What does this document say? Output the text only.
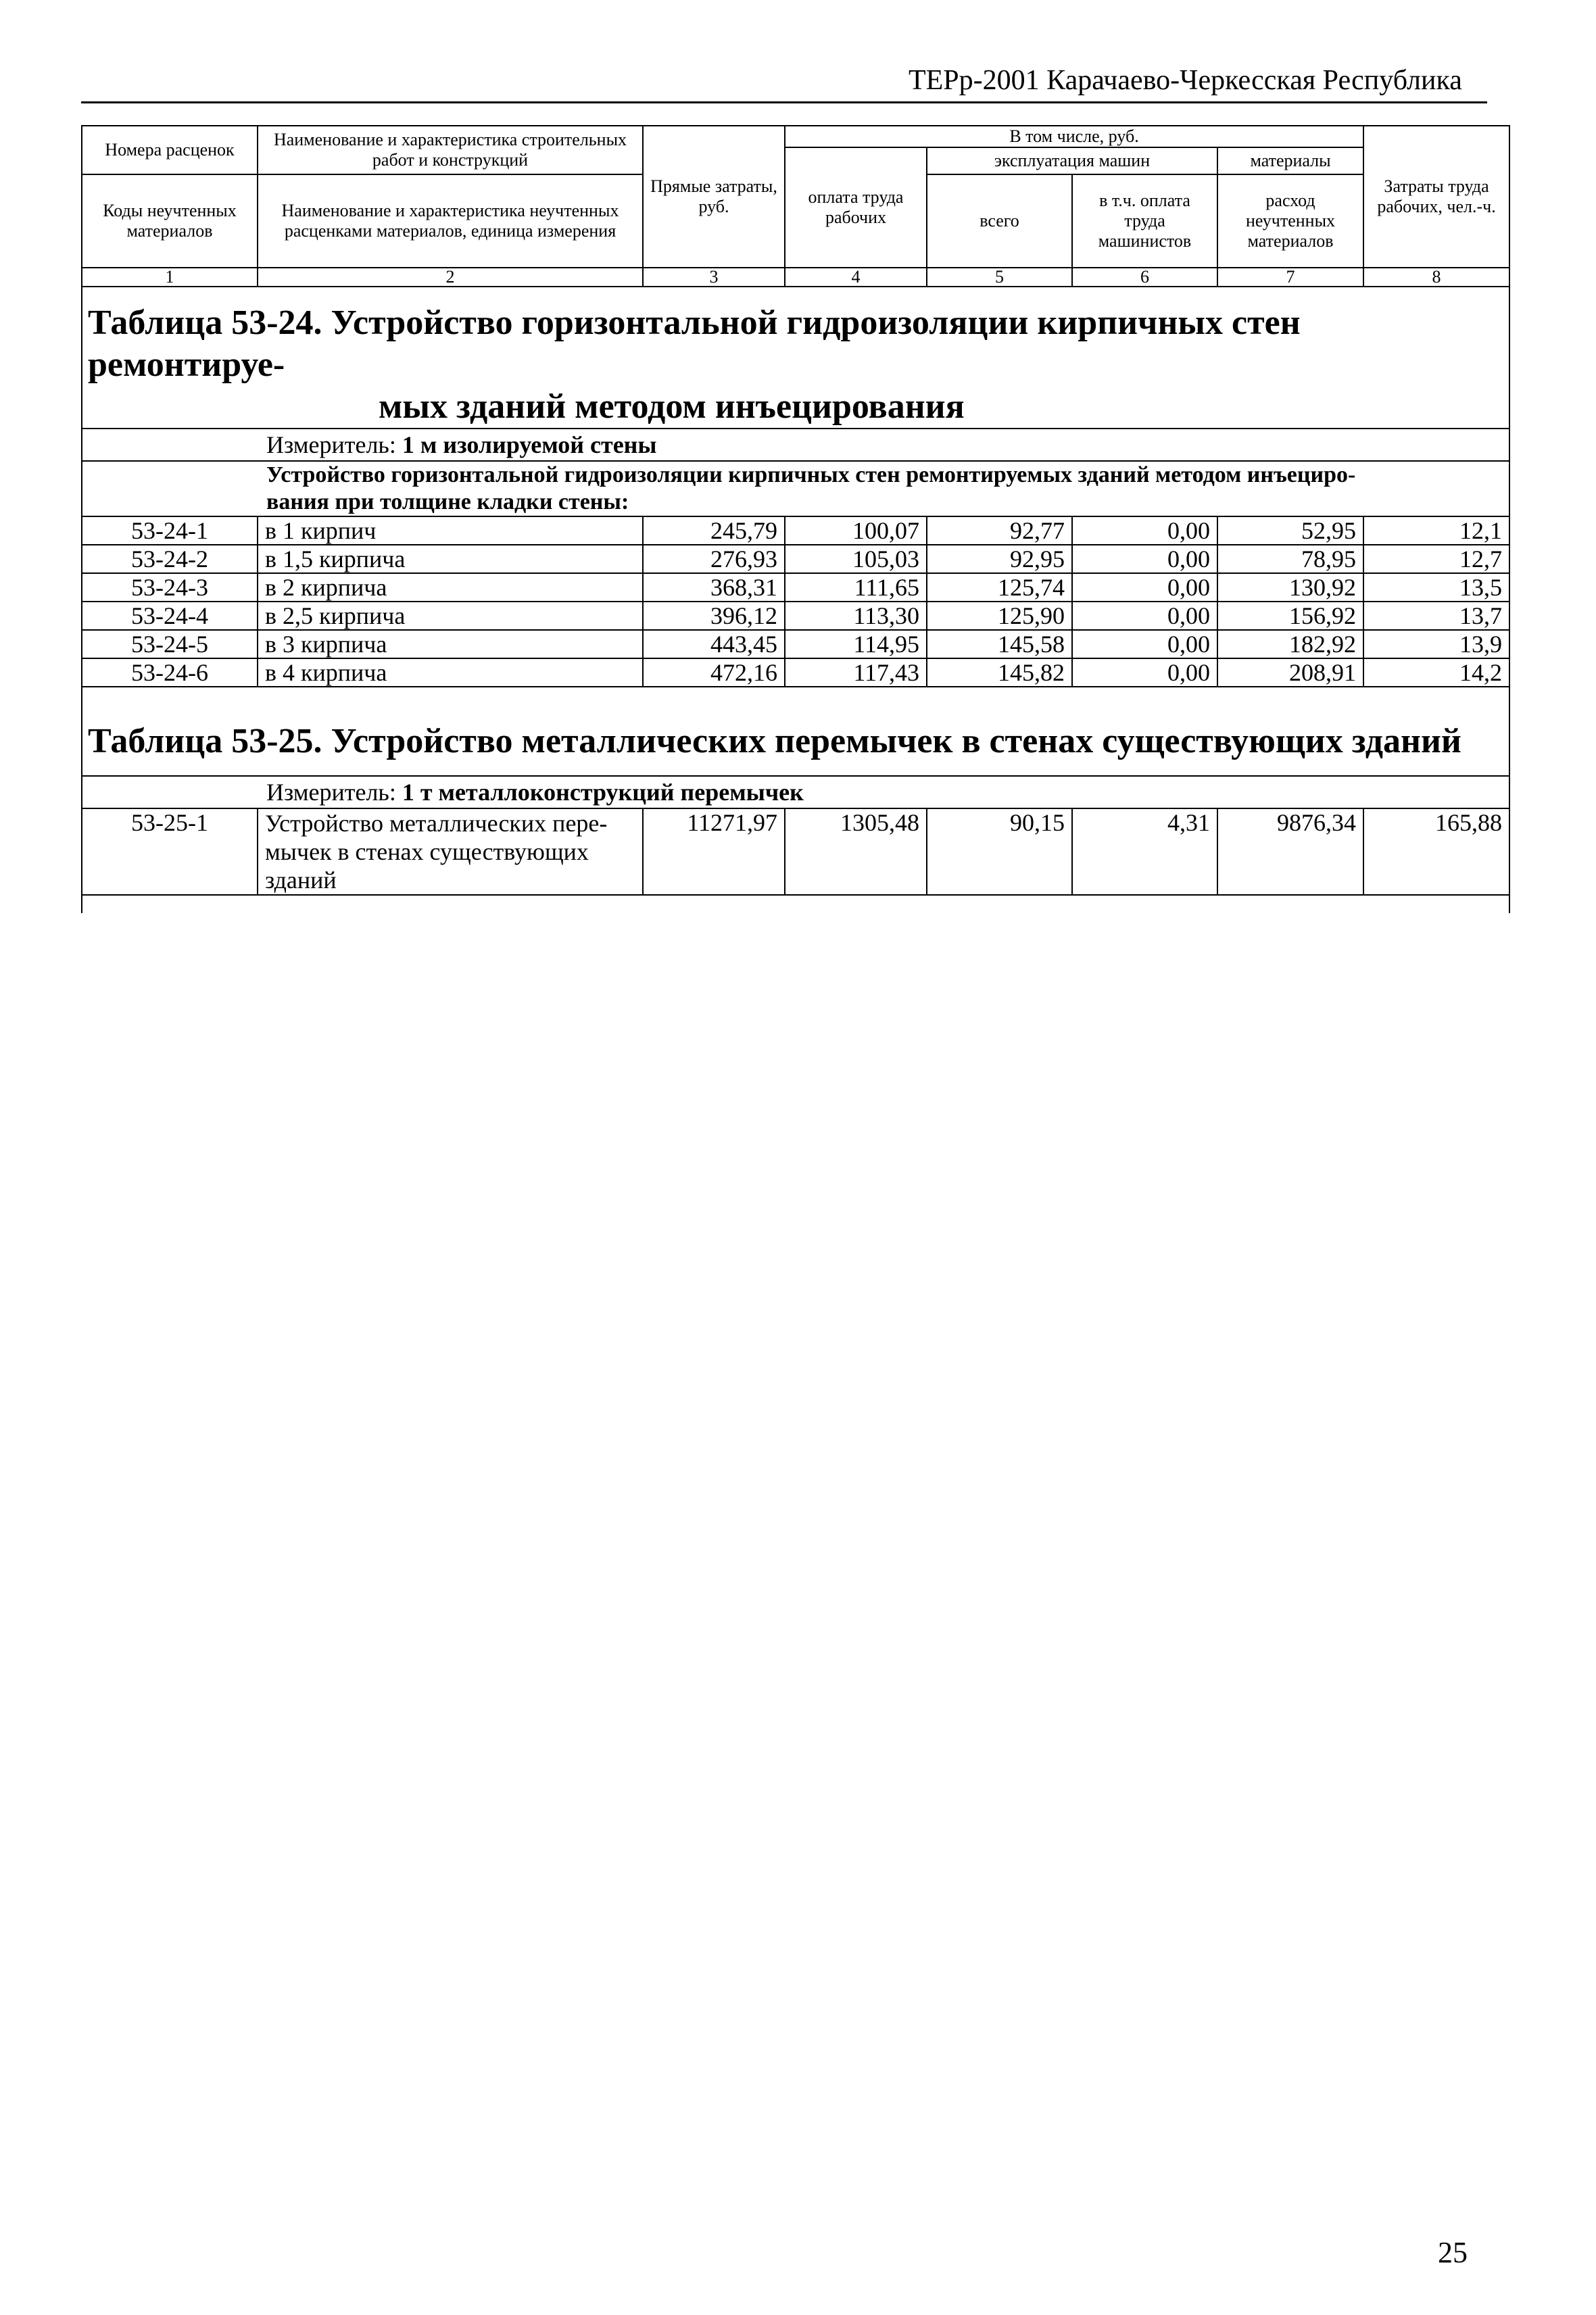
ТЕРр-2001 Карачаево-Черкесская Республика
Номера расценок	Наименование и характеристика строительных работ и конструкций	Прямые затраты, руб.	В том числе, руб.				Затраты труда рабочих, чел.-ч.
			оплата труда рабочих	эксплуатация машин		материалы	
Коды неучтенных материалов	Наименование и характеристика неучтенных расценками материалов, единица измерения			всего	в т.ч. оплата труда машинистов	расход неучтенных материалов	

1	2	3	4	5	6	7	8
Таблица 53-24. Устройство горизонтальной гидроизоляции кирпичных стен ремонтируе-
мых зданий методом инъецирования							

Измеритель: 1 м изолируемой стены							

Устройство горизонтальной гидроизоляции кирпичных стен ремонтируемых зданий методом инъециро-
вания при толщине кладки стены:							

53-24-1	в 1 кирпич	245,79	100,07	92,77	0,00	52,95	12,1
53-24-2	в 1,5 кирпича	276,93	105,03	92,95	0,00	78,95	12,7
53-24-3	в 2 кирпича	368,31	111,65	125,74	0,00	130,92	13,5
53-24-4	в 2,5 кирпича	396,12	113,30	125,90	0,00	156,92	13,7
53-24-5	в 3 кирпича	443,45	114,95	145,58	0,00	182,92	13,9
53-24-6	в 4 кирпича	472,16	117,43	145,82	0,00	208,91	14,2
Таблица 53-25. Устройство металлических перемычек в стенах существующих зданий							
Измеритель: 1 т металлоконструкций перемычек							
53-25-1	Устройство металлических пере-
мычек в стенах существующих
зданий	11271,97	1305,48	90,15	4,31	9876,34	165,88

25
